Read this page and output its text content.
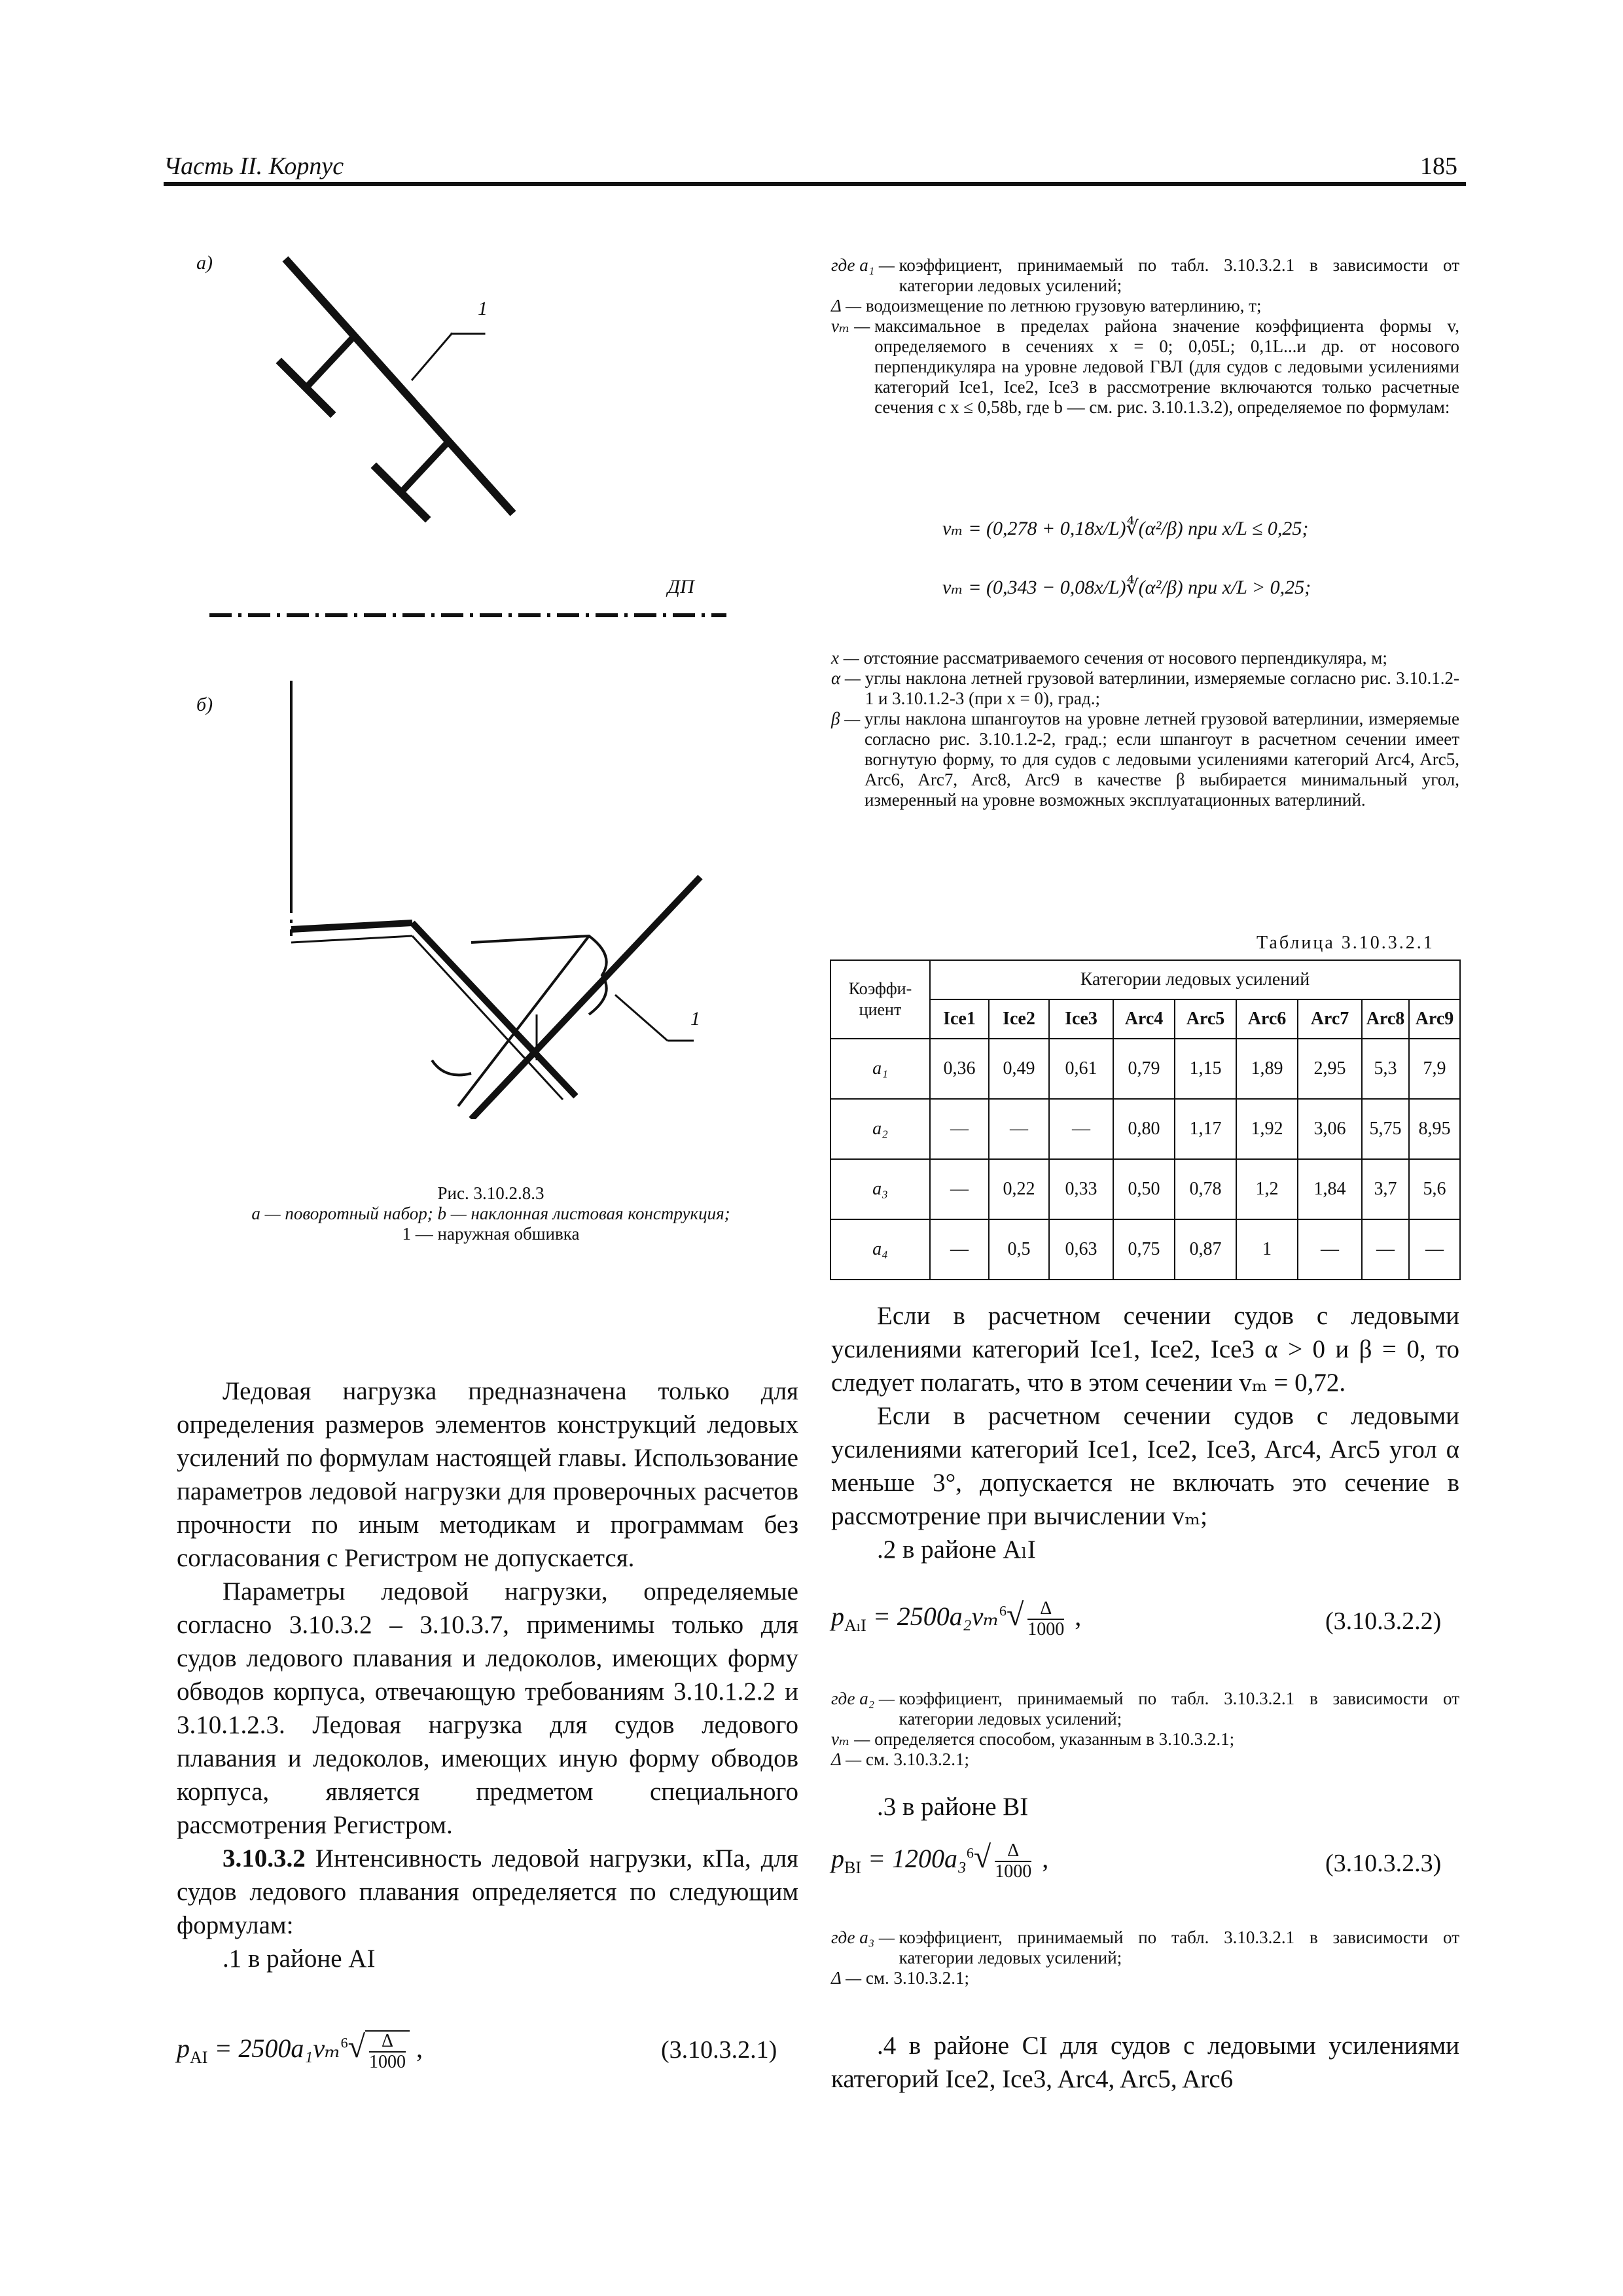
Часть II. Корпус	185
а)
б)
ДП
1
1
Рис. 3.10.2.8.3
а — поворотный набор; b — наклонная листовая конструкция;
1 — наружная обшивка

Ледовая нагрузка предназначена только для определения размеров элементов конструкций ледовых усилений по формулам настоящей главы. Использование параметров ледовой нагрузки для проверочных расчетов прочности по иным методикам и программам без согласования с Регистром не допускается.

Параметры ледовой нагрузки, определяемые согласно 3.10.3.2 – 3.10.3.7, применимы только для судов ледового плавания и ледоколов, имеющих форму обводов корпуса, отвечающую требованиям 3.10.1.2.2 и 3.10.1.2.3. Ледовая нагрузка для судов ледового плавания и ледоколов, имеющих иную форму обводов корпуса, является предметом специального рассмотрения Регистром.

3.10.3.2 Интенсивность ледовой нагрузки, кПа, для судов ледового плавания определяется по следующим формулам:

.1 в районе AI

$p_{AI} = 2500a_1v_m^6√ \frac{\Delta}{1000}$ ,	(3.10.3.2.1)
где a₁ — коэффициент, принимаемый по табл. 3.10.3.2.1 в зависимости от категории ледовых усилений;
Δ — водоизмещение по летнюю грузовую ватерлинию, т;
vₘ — максимальное в пределах района значение коэффициента формы v, определяемого в сечениях x = 0; 0,05L; 0,1L...и др. от носового перпендикуляра на уровне ледовой ГВЛ (для судов с ледовыми усилениями категорий Ice1, Ice2, Ice3 в рассмотрение включаются только расчетные сечения с x ≤ 0,58b, где b — см. рис. 3.10.1.3.2), определяемое по формулам:
vₘ = (0,278 + 0,18x/L)∜(α²/β) при x/L ≤ 0,25;
vₘ = (0,343 − 0,08x/L)∜(α²/β) при x/L > 0,25;
x — отстояние рассматриваемого сечения от носового перпендикуляра, м;
α — углы наклона летней грузовой ватерлинии, измеряемые согласно рис. 3.10.1.2-1 и 3.10.1.2-3 (при x = 0), град.;
β — углы наклона шпангоутов на уровне летней грузовой ватерлинии, измеряемые согласно рис. 3.10.1.2-2, град.; если шпангоут в расчетном сечении имеет вогнутую форму, то для судов с ледовыми усилениями категорий Arc4, Arc5, Arc6, Arc7, Arc8, Arc9 в качестве β выбирается минимальный угол, измеренный на уровне возможных эксплуатационных ватерлиний.
Таблица 3.10.3.2.1
Коэффи-
циент	Категории ледовых усилений								
	Ice1	Ice2	Ice3	Arc4	Arc5	Arc6	Arc7	Arc8	Arc9
a₁	0,36	0,49	0,61	0,79	1,15	1,89	2,95	5,3	7,9
a₂	—	—	—	0,80	1,17	1,92	3,06	5,75	8,95
a₃	—	0,22	0,33	0,50	0,78	1,2	1,84	3,7	5,6
a₄	—	0,5	0,63	0,75	0,87	1	—	—	—

Если в расчетном сечении судов с ледовыми усилениями категорий Ice1, Ice2, Ice3 α > 0 и β = 0, то следует полагать, что в этом сечении vₘ = 0,72.

Если в расчетном сечении судов с ледовыми усилениями категорий Ice1, Ice2, Ice3, Arc4, Arc5 угол α меньше 3°, допускается не включать это сечение в рассмотрение при вычислении vₘ;

.2 в районе AₗI

$p_{A_lI} = 2500a_2v_m^6√ \frac{\Delta}{1000}$ ,	(3.10.3.2.2)
где a₂ — коэффициент, принимаемый по табл. 3.10.3.2.1 в зависимости от категории ледовых усилений;
vₘ — определяется способом, указанным в 3.10.3.2.1;
Δ — см. 3.10.3.2.1;
.3 в районе BI
$p_{BI} = 1200a_3^6√ \frac{\Delta}{1000}$ ,	(3.10.3.2.3)
где a₃ — коэффициент, принимаемый по табл. 3.10.3.2.1 в зависимости от категории ледовых усилений;
Δ — см. 3.10.3.2.1;
.4 в районе CI для судов с ледовыми усилениями категорий Ice2, Ice3, Arc4, Arc5, Arc6
